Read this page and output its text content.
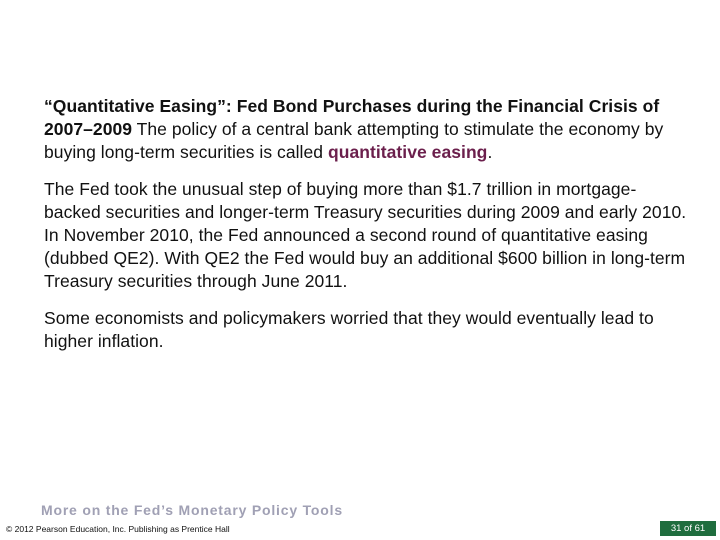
“Quantitative Easing”: Fed Bond Purchases during the Financial Crisis of 2007–2009 The policy of a central bank attempting to stimulate the economy by buying long-term securities is called quantitative easing.

The Fed took the unusual step of buying more than $1.7 trillion in mortgage-backed securities and longer-term Treasury securities during 2009 and early 2010. In November 2010, the Fed announced a second round of quantitative easing (dubbed QE2). With QE2 the Fed would buy an additional $600 billion in long-term Treasury securities through June 2011.

Some economists and policymakers worried that they would eventually lead to higher inflation.

More on the Fed’s Monetary Policy Tools
© 2012 Pearson Education, Inc. Publishing as Prentice Hall	31 of 61
